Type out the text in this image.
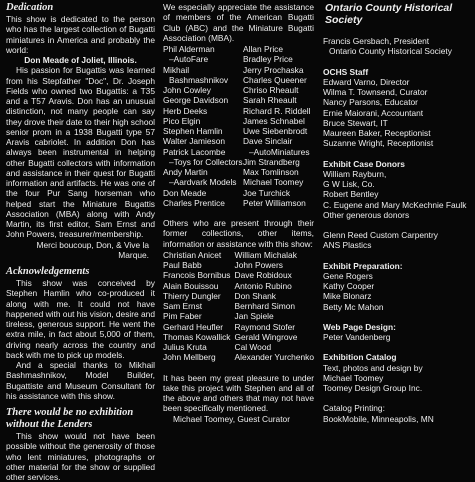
Dedication

This show is dedicated to the person who has the largest collection of Bugatti miniatures in America and probably the world:

Don Meade of Joliet, Illinois.

His passion for Bugattis was learned from his Stepfather "Doc", Dr. Joseph Fields who owned two Bugattis: a T35 and a T57 Aravis. Don has an unusual distinction, not many people can say they drove their date to their high school senior prom in a 1938 Bugatti type 57 Aravis cabriolet. In addition Don has always been instrumental in helping other Bugatti collectors with information and assistance in their quest for Bugatti information and artifacts. He was one of the four Pur Sang horseman who helped start the Miniature Bugattis Association (MBA) along with Andy Martin, its first editor, Sam Ernst and John Powers, treasurer/membership.

Merci boucoup, Don, & Vive la Marque.

Acknowledgements

This show was conceived by Stephen Hamlin who co-produced it along with me. It could not have happened with out his vision, desire and tireless, generous support. He went the extra mile, in fact about 5,000 of them, driving nearly across the country and back with me to pick up models.

And a special thanks to Mikhail Bashmashnikov, Model Builder, Bugattiste and Museum Consultant for his assistance with this show.

There would be no exhibition without the Lenders

This show would not have been possible without the generosity of those who lent miniatures, photographs or other material for the show or supplied other services.

We especially appreciate the assistance of members of the American Bugatti Club (ABC) and the Miniature Bugatti Association (MBA).

Phil Alderman
–AutoFare
Mikhail
Bashmashnikov
John Cowley
George Davidson
Herb Deeks
Pico Elgin
Stephen Hamlin
Walter Jamieson
Patrick Lacombe
–Toys for Collectors
Andy Martin
–Aardvark Models
Don Meade
Charles Prentice
Allan Price
Bradley Price
Jerry Prochaska
Charles Queener
Chriso Rheault
Sarah Rheault
Richard R. Riddell
James Schnabel
Uwe Siebenbrodt
Dave Sinclair
–AutoMiniatures
Jim Strandberg
Max Tomlinson
Michael Toomey
Joe Turchick
Peter Williamson

Others who are present through their former collections, other items, information or assistance with this show:

Christian Anicet
Paul Babb
Francois Bornibus
Alain Bouissou
Thierry Dungler
Sam Ernst
Pim Faber
Gerhard Heufler
Thomas Kowallick
Julius Kruta
John Mellberg
William Michalak
John Powers
Dave Robidoux
Antonio Rubino
Don Shank
Bernhard Simon
Jan Spiele
Raymond Stofer
Gerald Wingrove
Cal Wood
Alexander Yurchenko

It has been my great pleasure to under take this project with Stephen and all of the above and others that may not have been specifically mentioned.

Michael Toomey, Guest Curator

Ontario County Historical Society
Francis Gersbach, President
Ontario County Historical Society

OCHS Staff

Edward Varno, Director
Wilma T. Townsend, Curator
Nancy Parsons, Educator
Ernie Maiorani, Accountant
Bruce Stewart, IT
Maureen Baker, Receptionist
Suzanne Wright, Receptionist

Exhibit Case Donors

William Rayburn,
G W Lisk, Co.
Robert Bentley
C. Eugene and Mary McKechnie Faulk
Other generous donors
Glenn Reed Custom Carpentry
ANS Plastics

Exhibit Preparation:

Gene Rogers
Kathy Cooper
Mike Blonarz
Betty Mc Mahon

Web Page Design:

Peter Vandenberg

Exhibition Catalog

Text, photos and design by
Michael Toomey
Toomey Design Group Inc.

Catalog Printing:

BookMobile, Minneapolis, MN
